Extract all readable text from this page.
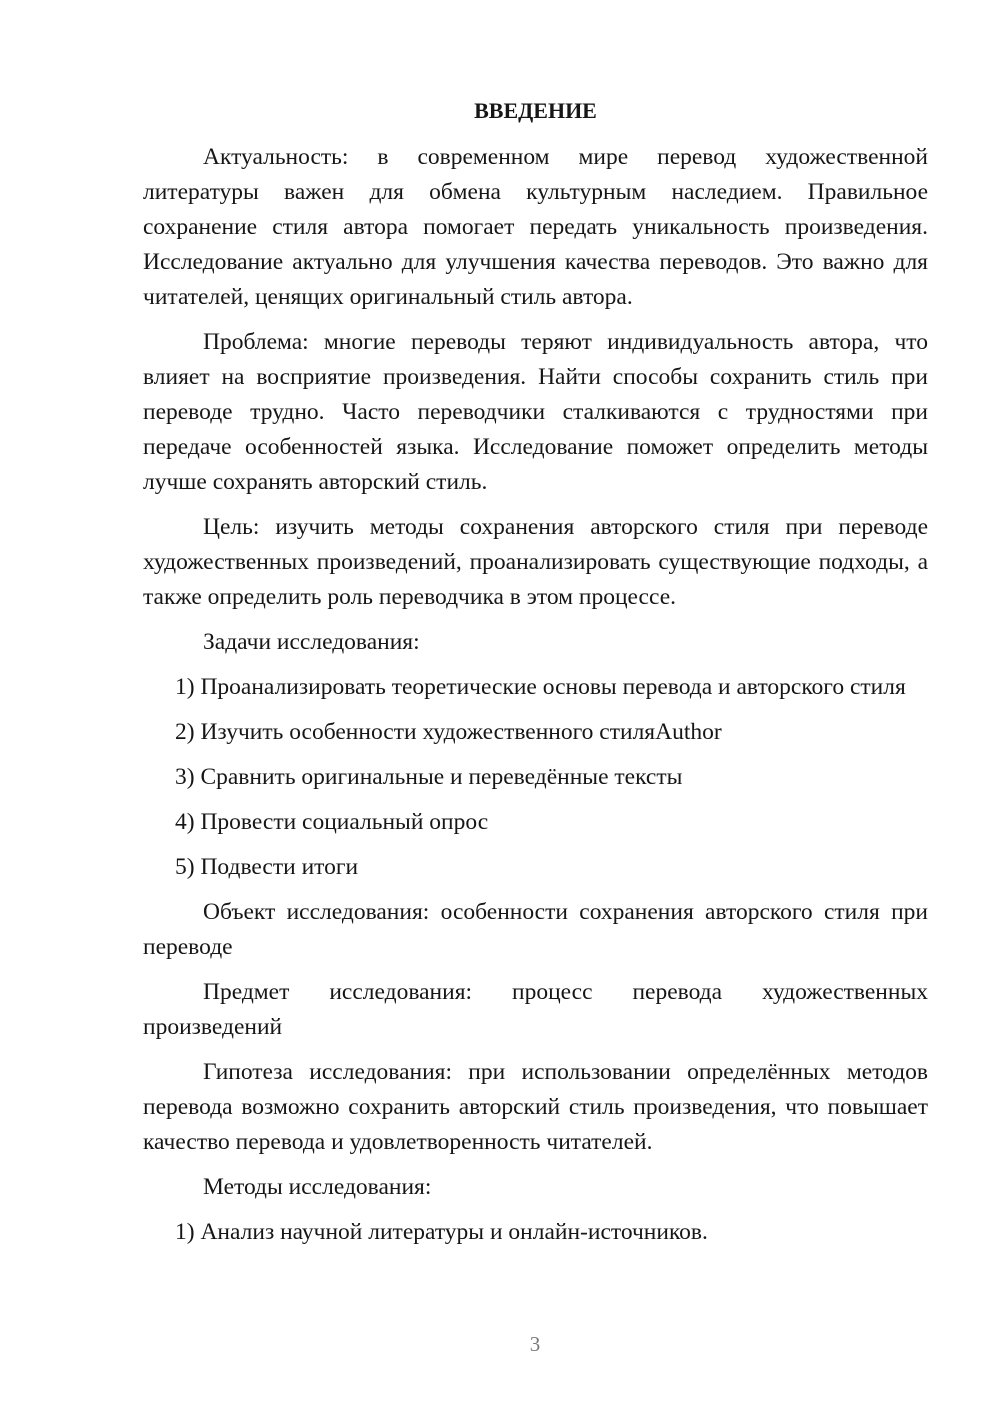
ВВЕДЕНИЕ

Актуальность: в современном мире перевод художественной литературы важен для обмена культурным наследием. Правильное сохранение стиля автора помогает передать уникальность произведения. Исследование актуально для улучшения качества переводов. Это важно для читателей, ценящих оригинальный стиль автора.

Проблема: многие переводы теряют индивидуальность автора, что влияет на восприятие произведения. Найти способы сохранить стиль при переводе трудно. Часто переводчики сталкиваются с трудностями при передаче особенностей языка. Исследование поможет определить методы лучше сохранять авторский стиль.

Цель: изучить методы сохранения авторского стиля при переводе художественных произведений, проанализировать существующие подходы, а также определить роль переводчика в этом процессе.

Задачи исследования:

1) Проанализировать теоретические основы перевода и авторского стиля

2) Изучить особенности художественного стиляAuthor

3) Сравнить оригинальные и переведённые тексты

4) Провести социальный опрос

5) Подвести итоги

Объект исследования: особенности сохранения авторского стиля при переводе

Предмет исследования: процесс перевода художественных произведений

Гипотеза исследования: при использовании определённых методов перевода возможно сохранить авторский стиль произведения, что повышает качество перевода и удовлетворенность читателей.

Методы исследования:

1) Анализ научной литературы и онлайн-источников.

3
